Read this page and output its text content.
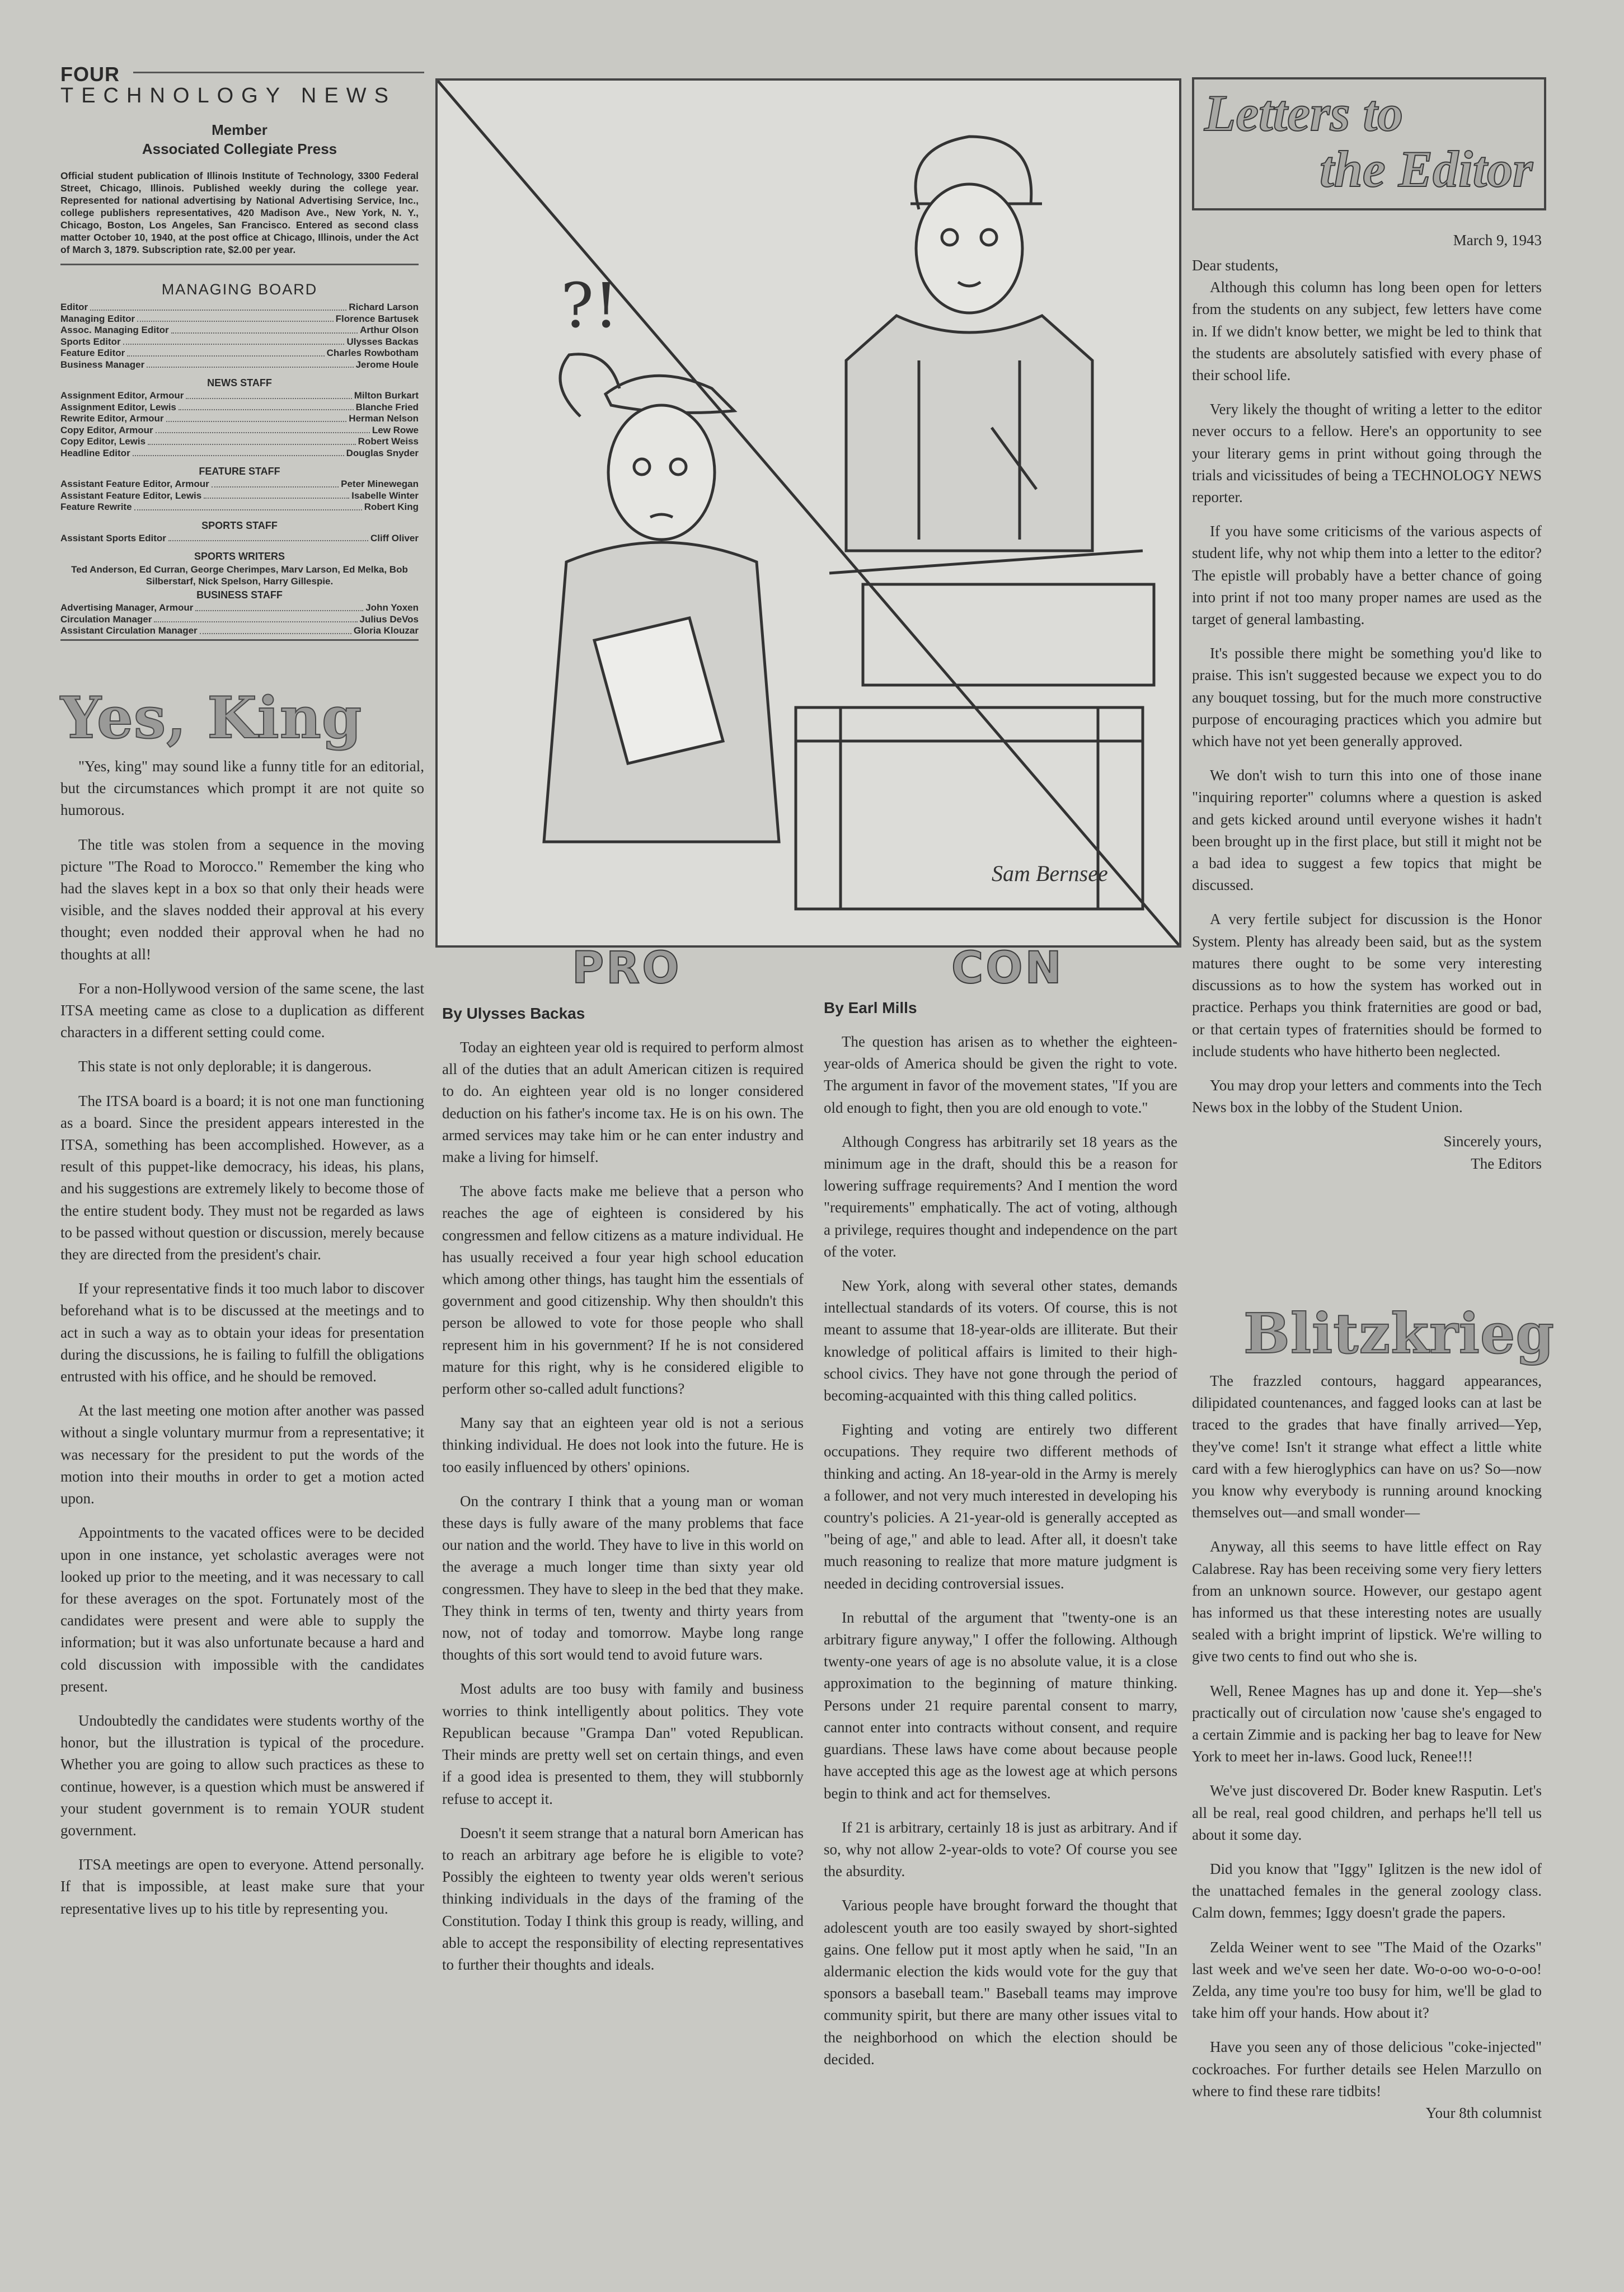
FOUR
TECHNOLOGY NEWS
Member
Associated Collegiate Press
Official student publication of Illinois Institute of Technology, 3300 Federal Street, Chicago, Illinois. Published weekly during the college year. Represented for national advertising by National Advertising Service, Inc., college publishers representatives, 420 Madison Ave., New York, N. Y., Chicago, Boston, Los Angeles, San Francisco. Entered as second class matter October 10, 1940, at the post office at Chicago, Illinois, under the Act of March 3, 1879. Subscription rate, $2.00 per year.
MANAGING BOARD
Editor	Richard Larson
Managing Editor	Florence Bartusek
Assoc. Managing Editor	Arthur Olson
Sports Editor	Ulysses Backas
Feature Editor	Charles Rowbotham
Business Manager	Jerome Houle
NEWS STAFF
Assignment Editor, Armour	Milton Burkart
Assignment Editor, Lewis	Blanche Fried
Rewrite Editor, Armour	Herman Nelson
Copy Editor, Armour	Lew Rowe
Copy Editor, Lewis	Robert Weiss
Headline Editor	Douglas Snyder
FEATURE STAFF
Assistant Feature Editor, Armour	Peter Minewegan
Assistant Feature Editor, Lewis	Isabelle Winter
Feature Rewrite	Robert King
SPORTS STAFF
Assistant Sports Editor	Cliff Oliver
SPORTS WRITERS
Ted Anderson, Ed Curran, George Cherimpes, Marv Larson, Ed Melka, Bob Silberstarf, Nick Spelson, Harry Gillespie.
BUSINESS STAFF
Advertising Manager, Armour	John Yoxen
Circulation Manager	Julius DeVos
Assistant Circulation Manager	Gloria Klouzar
Yes, King

"Yes, king" may sound like a funny title for an editorial, but the circumstances which prompt it are not quite so humorous.

The title was stolen from a sequence in the moving picture "The Road to Morocco." Remember the king who had the slaves kept in a box so that only their heads were visible, and the slaves nodded their approval at his every thought; even nodded their approval when he had no thoughts at all!

For a non-Hollywood version of the same scene, the last ITSA meeting came as close to a duplication as different characters in a different setting could come.

This state is not only deplorable; it is dangerous.

The ITSA board is a board; it is not one man functioning as a board. Since the president appears interested in the ITSA, something has been accomplished. However, as a result of this puppet-like democracy, his ideas, his plans, and his suggestions are extremely likely to become those of the entire student body. They must not be regarded as laws to be passed without question or discussion, merely because they are directed from the president's chair.

If your representative finds it too much labor to discover beforehand what is to be discussed at the meetings and to act in such a way as to obtain your ideas for presentation during the discussions, he is failing to fulfill the obligations entrusted with his office, and he should be removed.

At the last meeting one motion after another was passed without a single voluntary murmur from a representative; it was necessary for the president to put the words of the motion into their mouths in order to get a motion acted upon.

Appointments to the vacated offices were to be decided upon in one instance, yet scholastic averages were not looked up prior to the meeting, and it was necessary to call for these averages on the spot. Fortunately most of the candidates were present and were able to supply the information; but it was also unfortunate because a hard and cold discussion with impossible with the candidates present.

Undoubtedly the candidates were students worthy of the honor, but the illustration is typical of the procedure. Whether you are going to allow such practices as these to continue, however, is a question which must be answered if your student government is to remain YOUR student government.

ITSA meetings are open to everyone. Attend personally. If that is impossible, at least make sure that your representative lives up to his title by representing you.

?!
Sam Bernsee
PRO	CON
By Ulysses Backas

Today an eighteen year old is required to perform almost all of the duties that an adult American citizen is required to do. An eighteen year old is no longer considered deduction on his father's income tax. He is on his own. The armed services may take him or he can enter industry and make a living for himself.

The above facts make me believe that a person who reaches the age of eighteen is considered by his congressmen and fellow citizens as a mature individual. He has usually received a four year high school education which among other things, has taught him the essentials of government and good citizenship. Why then shouldn't this person be allowed to vote for those people who shall represent him in his government? If he is not considered mature for this right, why is he considered eligible to perform other so-called adult functions?

Many say that an eighteen year old is not a serious thinking individual. He does not look into the future. He is too easily influenced by others' opinions.

On the contrary I think that a young man or woman these days is fully aware of the many problems that face our nation and the world. They have to live in this world on the average a much longer time than sixty year old congressmen. They have to sleep in the bed that they make. They think in terms of ten, twenty and thirty years from now, not of today and tomorrow. Maybe long range thoughts of this sort would tend to avoid future wars.

Most adults are too busy with family and business worries to think intelligently about politics. They vote Republican because "Grampa Dan" voted Republican. Their minds are pretty well set on certain things, and even if a good idea is presented to them, they will stubbornly refuse to accept it.

Doesn't it seem strange that a natural born American has to reach an arbitrary age before he is eligible to vote? Possibly the eighteen to twenty year olds weren't serious thinking individuals in the days of the framing of the Constitution. Today I think this group is ready, willing, and able to accept the responsibility of electing representatives to further their thoughts and ideals.

By Earl Mills

The question has arisen as to whether the eighteen-year-olds of America should be given the right to vote. The argument in favor of the movement states, "If you are old enough to fight, then you are old enough to vote."

Although Congress has arbitrarily set 18 years as the minimum age in the draft, should this be a reason for lowering suffrage requirements? And I mention the word "requirements" emphatically. The act of voting, although a privilege, requires thought and independence on the part of the voter.

New York, along with several other states, demands intellectual standards of its voters. Of course, this is not meant to assume that 18-year-olds are illiterate. But their knowledge of political affairs is limited to their high-school civics. They have not gone through the period of becoming-acquainted with this thing called politics.

Fighting and voting are entirely two different occupations. They require two different methods of thinking and acting. An 18-year-old in the Army is merely a follower, and not very much interested in developing his country's policies. A 21-year-old is generally accepted as "being of age," and able to lead. After all, it doesn't take much reasoning to realize that more mature judgment is needed in deciding controversial issues.

In rebuttal of the argument that "twenty-one is an arbitrary figure anyway," I offer the following. Although twenty-one years of age is no absolute value, it is a close approximation to the beginning of mature thinking. Persons under 21 require parental consent to marry, cannot enter into contracts without consent, and require guardians. These laws have come about because people have accepted this age as the lowest age at which persons begin to think and act for themselves.

If 21 is arbitrary, certainly 18 is just as arbitrary. And if so, why not allow 2-year-olds to vote? Of course you see the absurdity.

Various people have brought forward the thought that adolescent youth are too easily swayed by short-sighted gains. One fellow put it most aptly when he said, "In an aldermanic election the kids would vote for the guy that sponsors a baseball team." Baseball teams may improve community spirit, but there are many other issues vital to the neighborhood on which the election should be decided.

Letters to
the Editor
March 9, 1943
Dear students,

Although this column has long been open for letters from the students on any subject, few letters have come in. If we didn't know better, we might be led to think that the students are absolutely satisfied with every phase of their school life.

Very likely the thought of writing a letter to the editor never occurs to a fellow. Here's an opportunity to see your literary gems in print without going through the trials and vicissitudes of being a TECHNOLOGY NEWS reporter.

If you have some criticisms of the various aspects of student life, why not whip them into a letter to the editor? The epistle will probably have a better chance of going into print if not too many proper names are used as the target of general lambasting.

It's possible there might be something you'd like to praise. This isn't suggested because we expect you to do any bouquet tossing, but for the much more constructive purpose of encouraging practices which you admire but which have not yet been generally approved.

We don't wish to turn this into one of those inane "inquiring reporter" columns where a question is asked and gets kicked around until everyone wishes it hadn't been brought up in the first place, but still it might not be a bad idea to suggest a few topics that might be discussed.

A very fertile subject for discussion is the Honor System. Plenty has already been said, but as the system matures there ought to be some very interesting discussions as to how the system has worked out in practice. Perhaps you think fraternities are good or bad, or that certain types of fraternities should be formed to include students who have hitherto been neglected.

You may drop your letters and comments into the Tech News box in the lobby of the Student Union.

Sincerely yours,
The Editors
Blitzkrieg

The frazzled contours, haggard appearances, dilipidated countenances, and fagged looks can at last be traced to the grades that have finally arrived—Yep, they've come! Isn't it strange what effect a little white card with a few hieroglyphics can have on us? So—now you know why everybody is running around knocking themselves out—and small wonder—

Anyway, all this seems to have little effect on Ray Calabrese. Ray has been receiving some very fiery letters from an unknown source. However, our gestapo agent has informed us that these interesting notes are usually sealed with a bright imprint of lipstick. We're willing to give two cents to find out who she is.

Well, Renee Magnes has up and done it. Yep—she's practically out of circulation now 'cause she's engaged to a certain Zimmie and is packing her bag to leave for New York to meet her in-laws. Good luck, Renee!!!

We've just discovered Dr. Boder knew Rasputin. Let's all be real, real good children, and perhaps he'll tell us about it some day.

Did you know that "Iggy" Iglitzen is the new idol of the unattached females in the general zoology class. Calm down, femmes; Iggy doesn't grade the papers.

Zelda Weiner went to see "The Maid of the Ozarks" last week and we've seen her date. Wo-o-oo wo-o-o-oo! Zelda, any time you're too busy for him, we'll be glad to take him off your hands. How about it?

Have you seen any of those delicious "coke-injected" cockroaches. For further details see Helen Marzullo on where to find these rare tidbits!

Your 8th columnist
